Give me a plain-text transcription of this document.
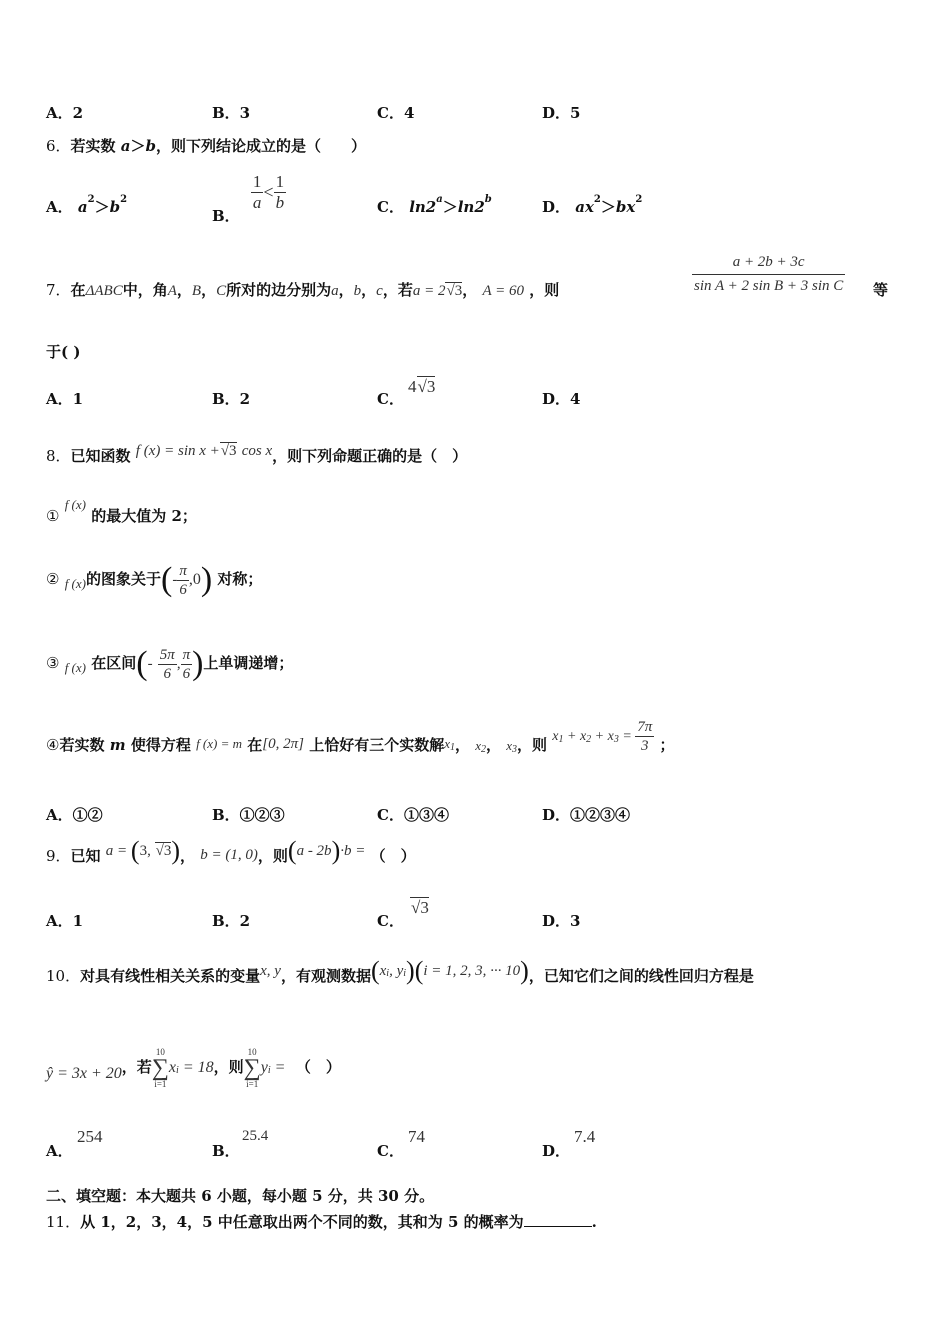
A．2	B．3	C．4	D．5
6．若实数 a＞b，则下列结论成立的是（　　）
A． $a^2>b^2$
B．
$\frac{1}{a} < \frac{1}{b}$	C． $\ln 2^a>\ln 2^b$	D． $ax^2>bx^2$
7．在ΔABC中，角A，B，C所对的边分别为a，b，c，若a = 2√3， A = 60 ，则	$\frac{a + 2b + 3c}{\text{sin A + 2 sin B + 3 sin C}}$ 等
于( )
A．1	B．2	C．
4√3
D．4
8．已知函数 f (x) = sin x +√3 cos x，则下列命题正确的是（　）
① f (x) 的最大值为 2；
② f (x)的图象关于(- $\frac{\pi}{6} ,0$) 对称；
③ f (x) 在区间(- $\frac{5\pi}{6}$ , $\frac{\pi}{6}$ )上单调递增；
④若实数 m 使得方程 f (x) = m 在[0, 2π] 上恰好有三个实数解$x_1$， $x_2$， $x_3$，则 $x_1 + x_2 + x_3 = \frac{7\pi}{3}$ ；
A．①②	B．①②③	C．①③④	D．①②③④
9．已知 a = (3, √3)， b = (1, 0)，则(a - 2b)·b = （　）
A．1	B．2	C．
√3
D．3
10．对具有线性相关关系的变量x, y，有观测数据($x_i$, $y_i)(i = 1$, 2, 3, ··· 10)，已知它们之间的线性回归方程是
ŷ = 3x + 20，若
10
∑
i=1
xi = 18，则
10
∑
i=1
yi = （　）
A．
254
B．
25.4
C．
74
D．
7.4
二、填空题：本大题共 6 小题，每小题 5 分，共 30 分。
11．从 1，2，3，4，5 中任意取出两个不同的数，其和为 5 的概率为	.
